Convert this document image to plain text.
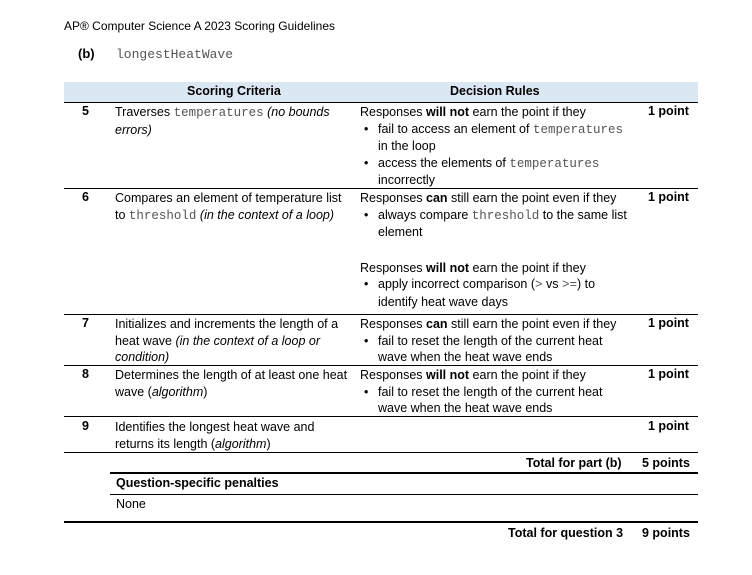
AP® Computer Science A 2023 Scoring Guidelines
(b) longestHeatWave
Scoring Criteria	Decision Rules
5 Traverses temperatures (no bounds errors)
Responses will not earn the point if they
• fail to access an element of temperatures in the loop
• access the elements of temperatures incorrectly
1 point
6 Compares an element of temperature list to threshold (in the context of a loop)
Responses can still earn the point even if they
• always compare threshold to the same list element
Responses will not earn the point if they
• apply incorrect comparison (> vs >=) to identify heat wave days
1 point
7 Initializes and increments the length of a heat wave (in the context of a loop or condition)
Responses can still earn the point even if they
• fail to reset the length of the current heat wave when the heat wave ends
1 point
8 Determines the length of at least one heat wave (algorithm)
Responses will not earn the point if they
• fail to reset the length of the current heat wave when the heat wave ends
1 point
9 Identifies the longest heat wave and returns its length (algorithm)
1 point
Total for part (b) 5 points
Question-specific penalties
None
Total for question 3 9 points
